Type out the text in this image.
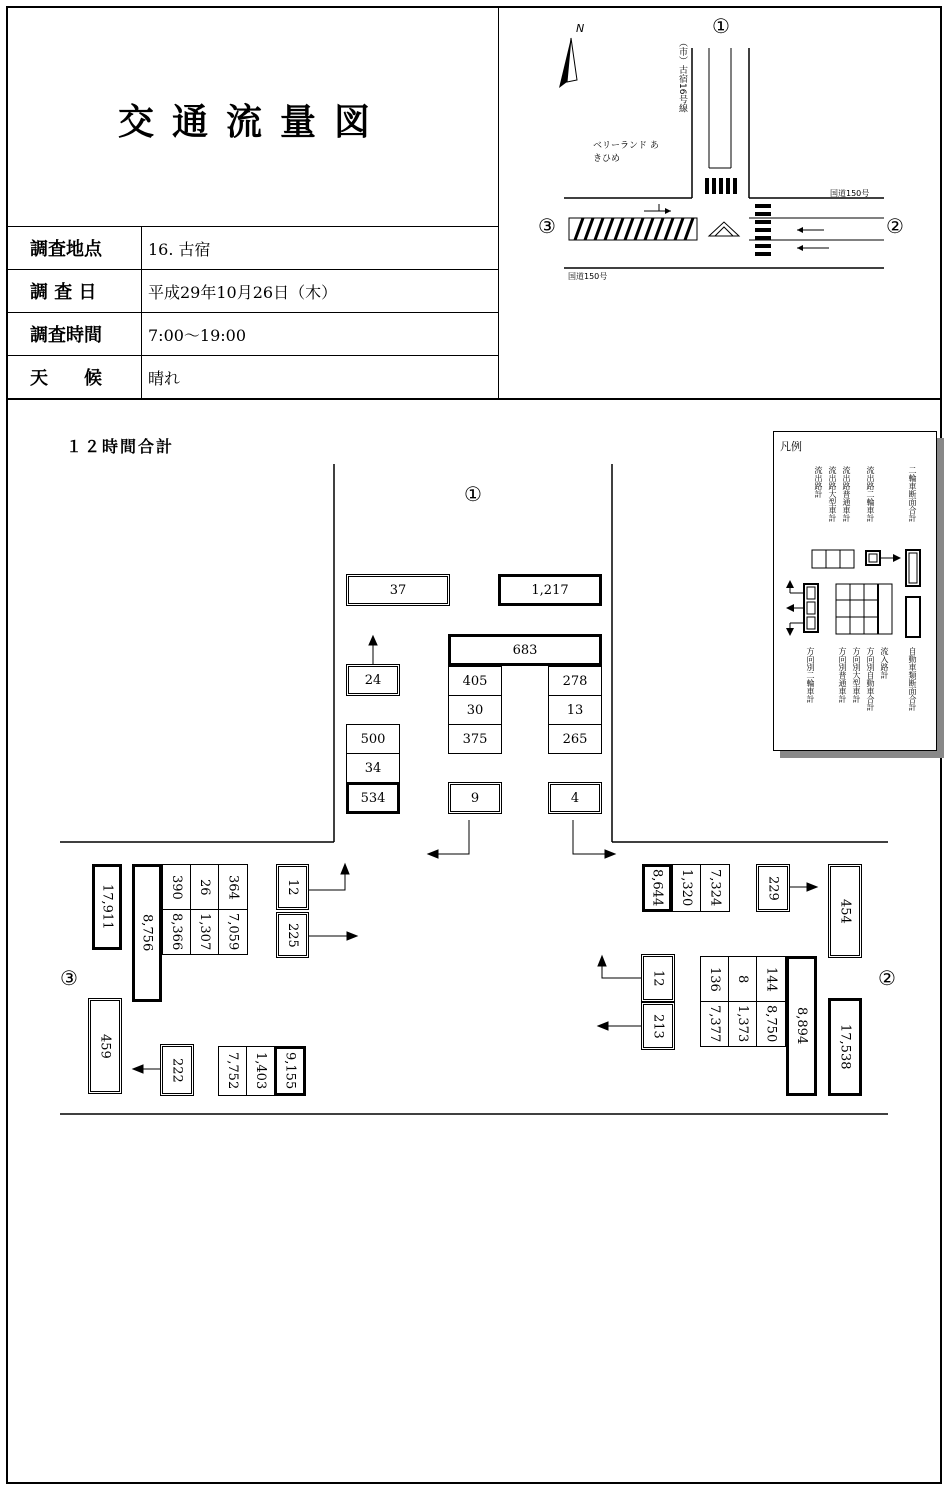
交通流量図
調査地点	16. 古宿
調 査 日	平成29年10月26日（木）
調査時間	7:00〜19:00
天　　候	晴れ
①
②
③
N
（市）古宿16号線
ベリーランド あきひめ
国道150号
国道150号
１２時間合計
①
②
③
37	1,217
24
500
34
534
683
405
30
375
278
13
265
9	4
17,911
8,756
390	26	364
8,366	1,307	7,059
12
225
459
222	7,752	1,403	9,155
8,644	1,320	7,324	229
454
12
213
136	8	144
7,377	1,373	8,750	8,894	17,538
凡例
流出路計 流出路大型車計 流出路普通車計 流出路二輪車計	二輪車断面合計
方向別二輪車計	方向別普通車計 方向別大型車計 方向別自動車合計 流入路計 自動車類断面合計
